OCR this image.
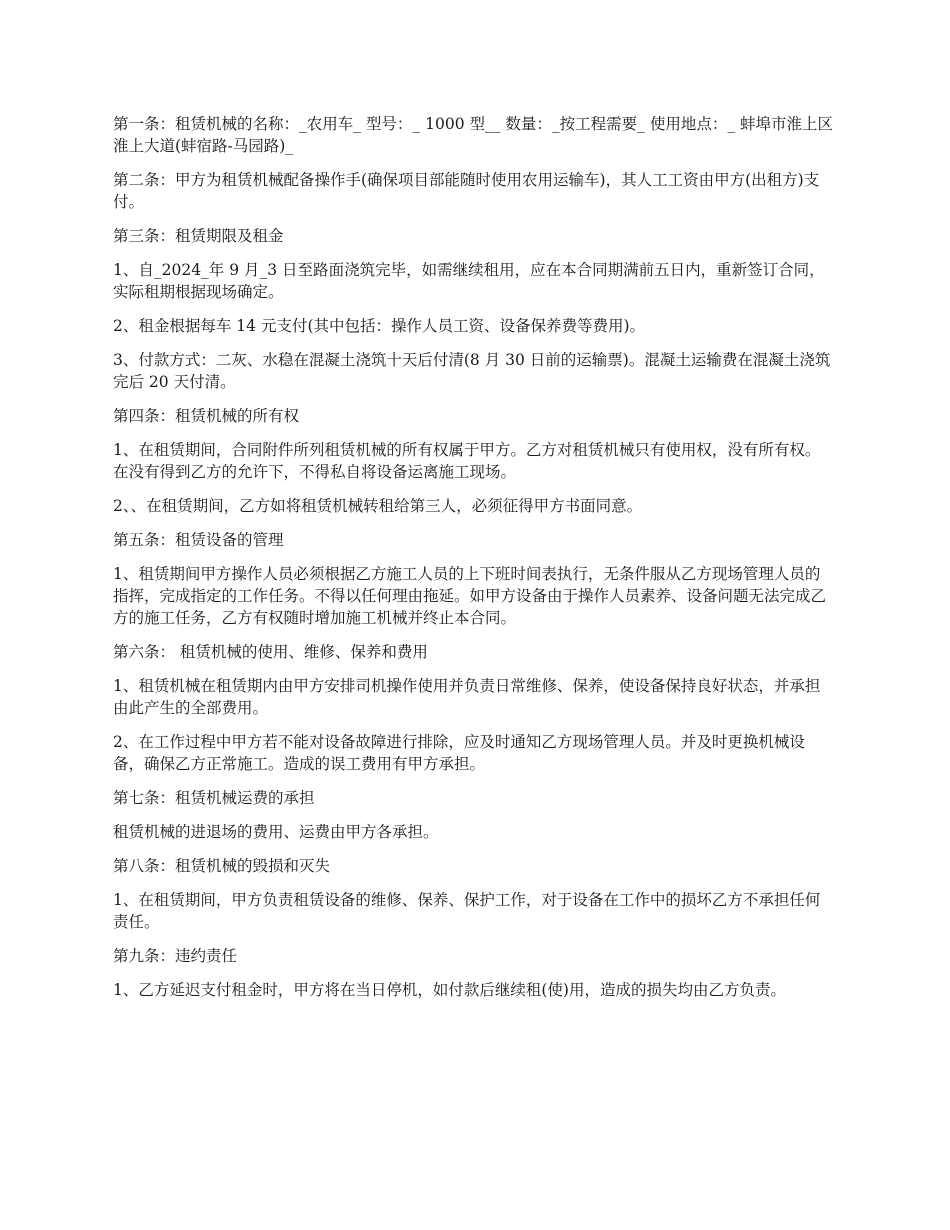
第一条：租赁机械的名称：_农用车_ 型号：_ 1000 型__ 数量：_按工程需要_ 使用地点：_ 蚌埠市淮上区淮上大道(蚌宿路-马园路)_

第二条：甲方为租赁机械配备操作手(确保项目部能随时使用农用运输车)，其人工工资由甲方(出租方)支付。

第三条：租赁期限及租金

1、自_2024_年 9 月_3 日至路面浇筑完毕，如需继续租用，应在本合同期满前五日内，重新签订合同，实际租期根据现场确定。

2、租金根据每车 14 元支付(其中包括：操作人员工资、设备保养费等费用)。

3、付款方式：二灰、水稳在混凝土浇筑十天后付清(8 月 30 日前的运输票)。混凝土运输费在混凝土浇筑完后 20 天付清。

第四条：租赁机械的所有权

1、在租赁期间，合同附件所列租赁机械的所有权属于甲方。乙方对租赁机械只有使用权，没有所有权。在没有得到乙方的允许下，不得私自将设备运离施工现场。

2、、在租赁期间，乙方如将租赁机械转租给第三人，必须征得甲方书面同意。

第五条：租赁设备的管理

1、租赁期间甲方操作人员必须根据乙方施工人员的上下班时间表执行，无条件服从乙方现场管理人员的指挥，完成指定的工作任务。不得以任何理由拖延。如甲方设备由于操作人员素养、设备问题无法完成乙方的施工任务，乙方有权随时增加施工机械并终止本合同。

第六条： 租赁机械的使用、维修、保养和费用

1、租赁机械在租赁期内由甲方安排司机操作使用并负责日常维修、保养，使设备保持良好状态，并承担由此产生的全部费用。

2、在工作过程中甲方若不能对设备故障进行排除，应及时通知乙方现场管理人员。并及时更换机械设备，确保乙方正常施工。造成的误工费用有甲方承担。

第七条：租赁机械运费的承担

租赁机械的进退场的费用、运费由甲方各承担。

第八条：租赁机械的毁损和灭失

1、在租赁期间，甲方负责租赁设备的维修、保养、保护工作，对于设备在工作中的损坏乙方不承担任何责任。

第九条：违约责任

1、乙方延迟支付租金时，甲方将在当日停机，如付款后继续租(使)用，造成的损失均由乙方负责。
